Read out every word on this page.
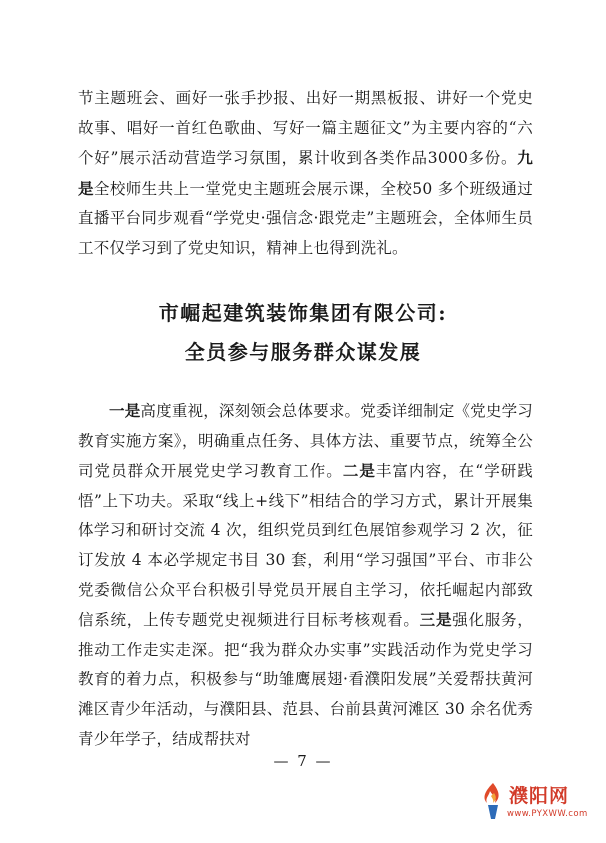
节主题班会、画好一张手抄报、出好一期黑板报、讲好一个党史故事、唱好一首红色歌曲、写好一篇主题征文”为主要内容的“六个好”展示活动营造学习氛围，累计收到各类作品3000多份。九是全校师生共上一堂党史主题班会展示课，全校50 多个班级通过直播平台同步观看“学党史·强信念·跟党走”主题班会，全体师生员工不仅学习到了党史知识，精神上也得到洗礼。

市崛起建筑装饰集团有限公司:
全员参与服务群众谋发展

一是高度重视，深刻领会总体要求。党委详细制定《党史学习教育实施方案》，明确重点任务、具体方法、重要节点，统筹全公司党员群众开展党史学习教育工作。二是丰富内容，在“学研践悟”上下功夫。采取“线上+线下”相结合的学习方式，累计开展集体学习和研讨交流 4 次，组织党员到红色展馆参观学习 2 次，征订发放 4 本必学规定书目 30 套，利用“学习强国”平台、市非公党委微信公众平台积极引导党员开展自主学习，依托崛起内部致信系统，上传专题党史视频进行目标考核观看。三是强化服务，推动工作走实走深。把“我为群众办实事”实践活动作为党史学习教育的着力点，积极参与“助雏鹰展翅·看濮阳发展”关爱帮扶黄河滩区青少年活动，与濮阳县、范县、台前县黄河滩区 30 余名优秀青少年学子，结成帮扶对

— 7 —
濮阳网
www.PYXWW.com
